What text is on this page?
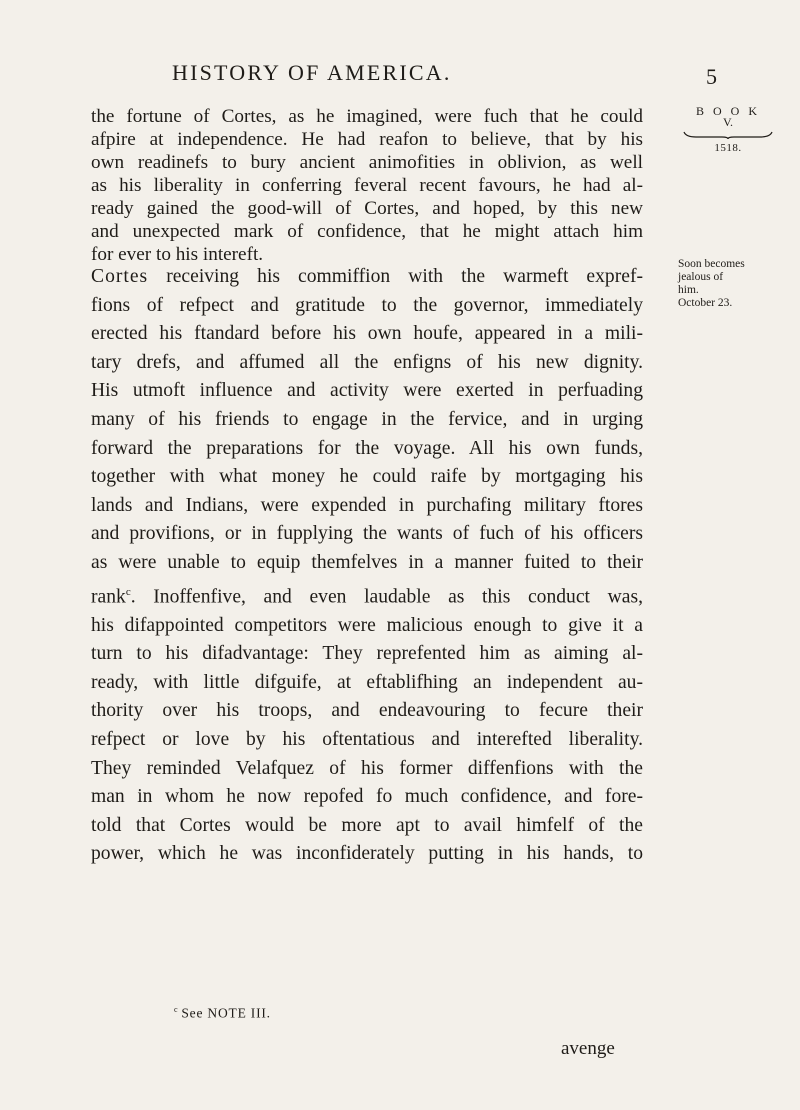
HISTORY OF AMERICA.	5
B O O K
V.
1518.
Soon becomes
jealous of
him.
October 23.
the fortune of Cortes, as he imagined, were fuch that he could
afpire at independence. He had reafon to believe, that by his
own readinefs to bury ancient animofities in oblivion, as well
as his liberality in conferring feveral recent favours, he had al-
ready gained the good-will of Cortes, and hoped, by this new
and unexpected mark of confidence, that he might attach him
for ever to his intereft.
Cortes receiving his commiffion with the warmeft expref-
fions of refpect and gratitude to the governor, immediately
erected his ftandard before his own houfe, appeared in a mili-
tary drefs, and affumed all the enfigns of his new dignity.
His utmoft influence and activity were exerted in perfuading
many of his friends to engage in the fervice, and in urging
forward the preparations for the voyage. All his own funds,
together with what money he could raife by mortgaging his
lands and Indians, were expended in purchafing military ftores
and provifions, or in fupplying the wants of fuch of his officers
as were unable to equip themfelves in a manner fuited to their
rank$^c$. Inoffenfive, and even laudable as this conduct was,
his difappointed competitors were malicious enough to give it a
turn to his difadvantage: They reprefented him as aiming al-
ready, with little difguife, at eftablifhing an independent au-
thority over his troops, and endeavouring to fecure their
refpect or love by his oftentatious and interefted liberality.
They reminded Velafquez of his former diffenfions with the
man in whom he now repofed fo much confidence, and fore-
told that Cortes would be more apt to avail himfelf of the
power, which he was inconfiderately putting in his hands, to
$^c$ See NOTE III.
avenge
